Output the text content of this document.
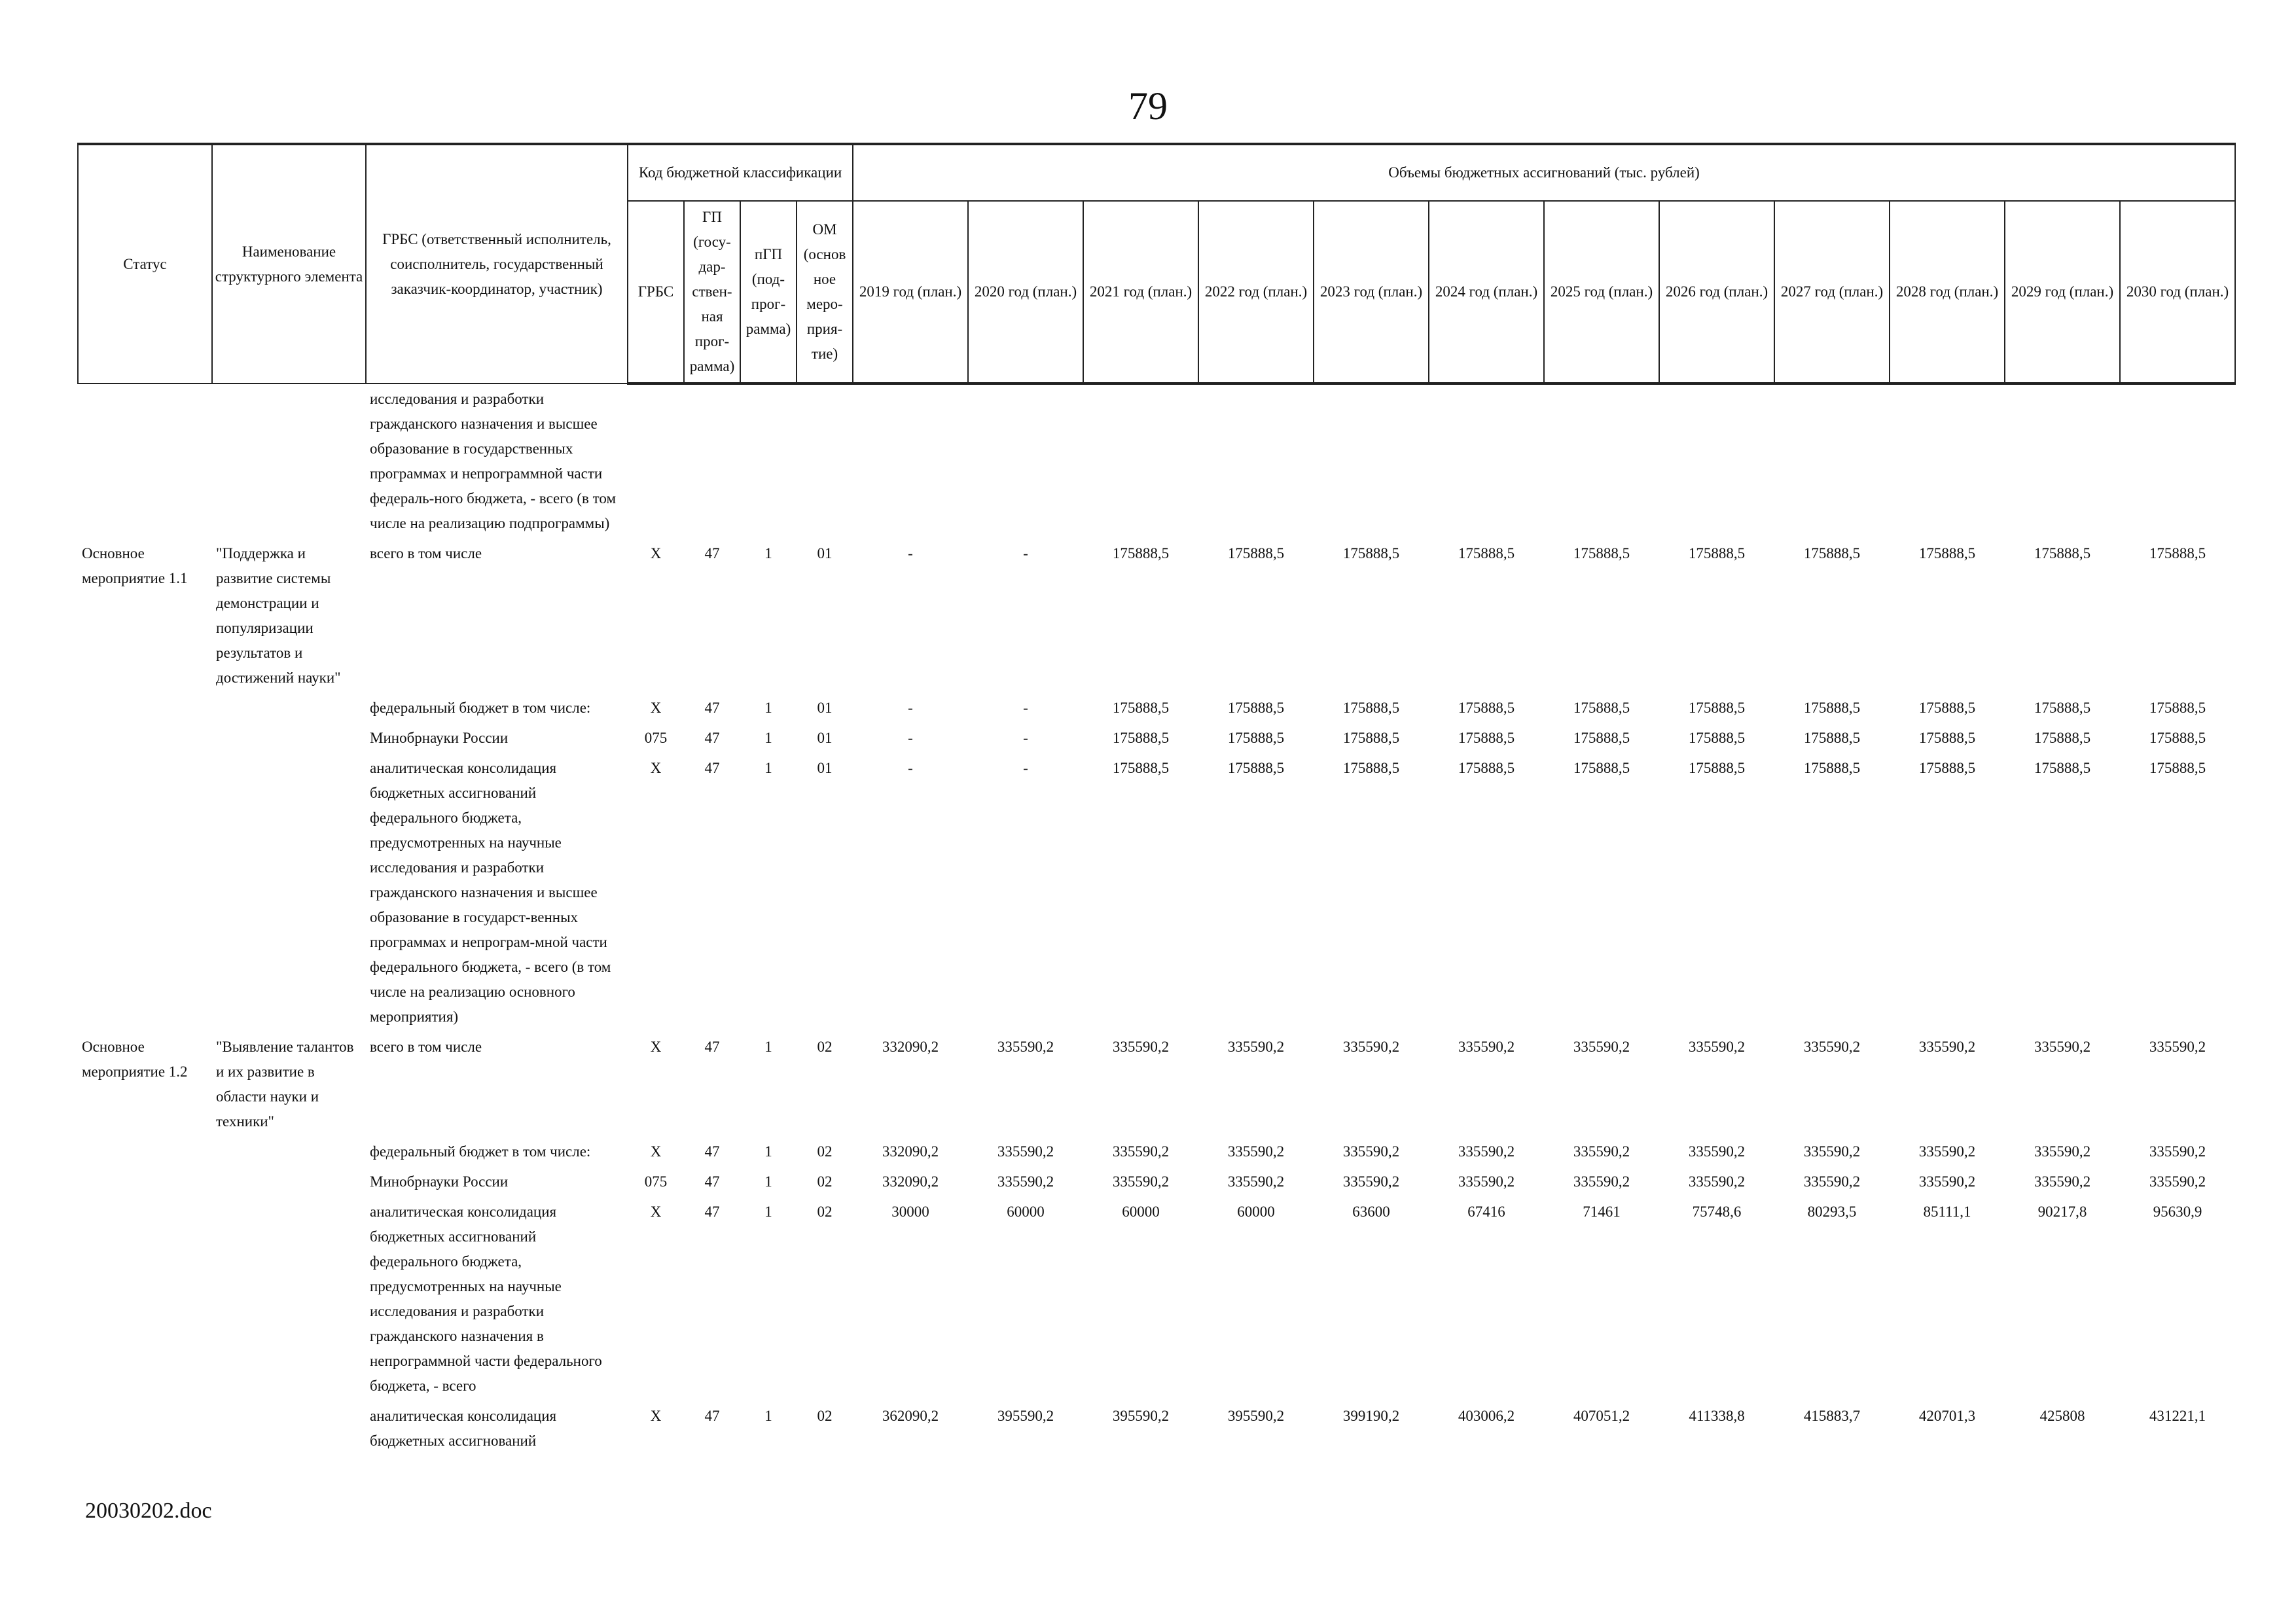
79
Статус	Наименование структурного элемента	ГРБС (ответственный исполнитель, соисполнитель, государственный заказчик-координатор, участник)	Код бюджетной классификации				Объемы бюджетных ассигнований (тыс. рублей)											
			ГРБС	ГП (госу-дар-ствен-ная прог-рамма)	пГП (под-прог-рамма)	ОМ (основ ное меро-прия-тие)	2019 год (план.)	2020 год (план.)	2021 год (план.)	2022 год (план.)	2023 год (план.)	2024 год (план.)	2025 год (план.)	2026 год (план.)	2027 год (план.)	2028 год (план.)	2029 год (план.)	2030 год (план.)
		исследования и разработки гражданского назначения и высшее образование в государственных программах и непрограммной части федераль-ного бюджета, - всего (в том числе на реализацию подпрограммы)																
Основное мероприятие 1.1	"Поддержка и развитие системы демонстрации и популяризации результатов и достижений науки"	всего в том числе	X	47	1	01	-	-	175888,5	175888,5	175888,5	175888,5	175888,5	175888,5	175888,5	175888,5	175888,5	175888,5
		федеральный бюджет в том числе:	X	47	1	01	-	-	175888,5	175888,5	175888,5	175888,5	175888,5	175888,5	175888,5	175888,5	175888,5	175888,5
		Минобрнауки России	075	47	1	01	-	-	175888,5	175888,5	175888,5	175888,5	175888,5	175888,5	175888,5	175888,5	175888,5	175888,5
		аналитическая консолидация бюджетных ассигнований федерального бюджета, предусмотренных на научные исследования и разработки гражданского назначения и высшее образование в государст-венных программах и непрограм-мной части федерального бюджета, - всего (в том числе на реализацию основного мероприятия)	X	47	1	01	-	-	175888,5	175888,5	175888,5	175888,5	175888,5	175888,5	175888,5	175888,5	175888,5	175888,5
Основное мероприятие 1.2	"Выявление талантов и их развитие в области науки и техники"	всего в том числе	X	47	1	02	332090,2	335590,2	335590,2	335590,2	335590,2	335590,2	335590,2	335590,2	335590,2	335590,2	335590,2	335590,2
		федеральный бюджет в том числе:	X	47	1	02	332090,2	335590,2	335590,2	335590,2	335590,2	335590,2	335590,2	335590,2	335590,2	335590,2	335590,2	335590,2
		Минобрнауки России	075	47	1	02	332090,2	335590,2	335590,2	335590,2	335590,2	335590,2	335590,2	335590,2	335590,2	335590,2	335590,2	335590,2
		аналитическая консолидация бюджетных ассигнований федерального бюджета, предусмотренных на научные исследования и разработки гражданского назначения в непрограммной части федерального бюджета, - всего	X	47	1	02	30000	60000	60000	60000	63600	67416	71461	75748,6	80293,5	85111,1	90217,8	95630,9
		аналитическая консолидация бюджетных ассигнований	X	47	1	02	362090,2	395590,2	395590,2	395590,2	399190,2	403006,2	407051,2	411338,8	415883,7	420701,3	425808	431221,1
20030202.doc
